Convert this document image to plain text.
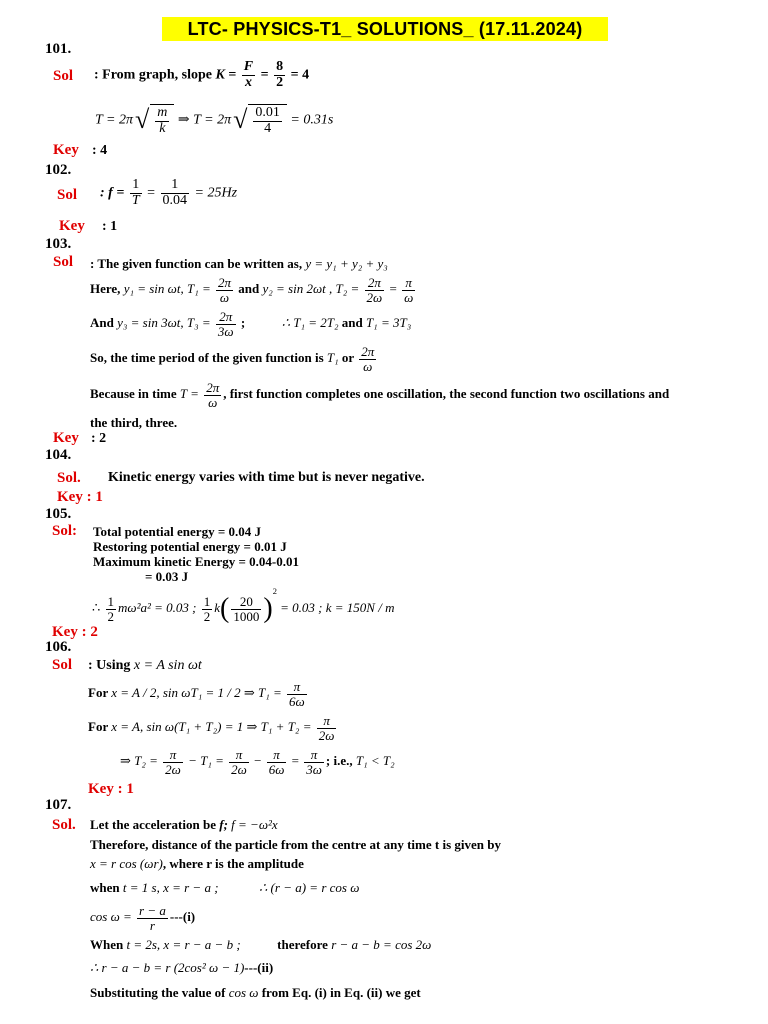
LTC- PHYSICS-T1_ SOLUTIONS_ (17.11.2024)
101.
Sol : From graph, slope $K = \frac{F}{x} = \frac{8}{2} = 4$
$T = 2\pi√ \frac{m}{k}$ ⇒ $T = 2\pi√ \frac{0.01}{4} = 0.31s$
Key : 4
102.
Sol : $f = \frac{1}{T} = \frac{1}{0.04} = 25Hz$
Key : 1
103.
Sol : The given function can be written as, y = y₁ + y₂ + y₃
Here, y₁ = sin ωt, $T_1 = \frac{2\pi}{\omega}$ and y₂ = sin 2ωt , $T_2 = \frac{2\pi}{2\omega} = \frac{\pi}{\omega}$
And y₃ = sin 3ωt, $T_3 = \frac{2\pi}{3\omega}$ ;	∴ T₁ = 2T₂ and T₁ = 3T₃
So, the time period of the given function is T₁ or $\frac{2\pi}{\omega}$
Because in time $T = \frac{2\pi}{\omega}$ , first function completes one oscillation, the second function two oscillations and
the third, three.
Key : 2
104.
Sol. Kinetic energy varies with time but is never negative.
Key : 1
105.
Sol: Total potential energy = 0.04 J
Restoring potential energy = 0.01 J
Maximum kinetic Energy = 0.04-0.01
= 0.03 J
∴ $\frac{1}{2} m\omega^2a^2 = 0.03$ ; $\frac{1}{2} k( \frac{20}{1000} )^2 = 0.03$ ; k = 150N / m
Key : 2
106.
Sol : Using x = A sin ωt
For x = A / 2, sin ωT₁ = 1 / 2 ⇒ $T_1 = \frac{\pi}{6\omega}$
For x = A, sin ω(T₁ + T₂) = 1 ⇒ $T_1 + T_2 = \frac{\pi}{2\omega}$
⇒ $T_2 = \frac{\pi}{2\omega} - T_1 = \frac{\pi}{2\omega} - \frac{\pi}{6\omega} = \frac{\pi}{3\omega}$ ; i.e., T₁ < T₂
Key : 1
107.
Sol. Let the acceleration be f; f = −ω²x
Therefore, distance of the particle from the centre at any time t is given by
x = r cos (ωr), where r is the amplitude
when t = 1 s, x = r − a ;	∴ (r − a) = r cos ω
$\cos \omega = \frac{r - a}{r} ---(i)$
When t = 2s, x = r − a − b ;	therefore r − a − b = cos 2ω
∴ r − a − b = r (2cos² ω − 1)---(ii)
Substituting the value of cos ω from Eq. (i) in Eq. (ii) we get
